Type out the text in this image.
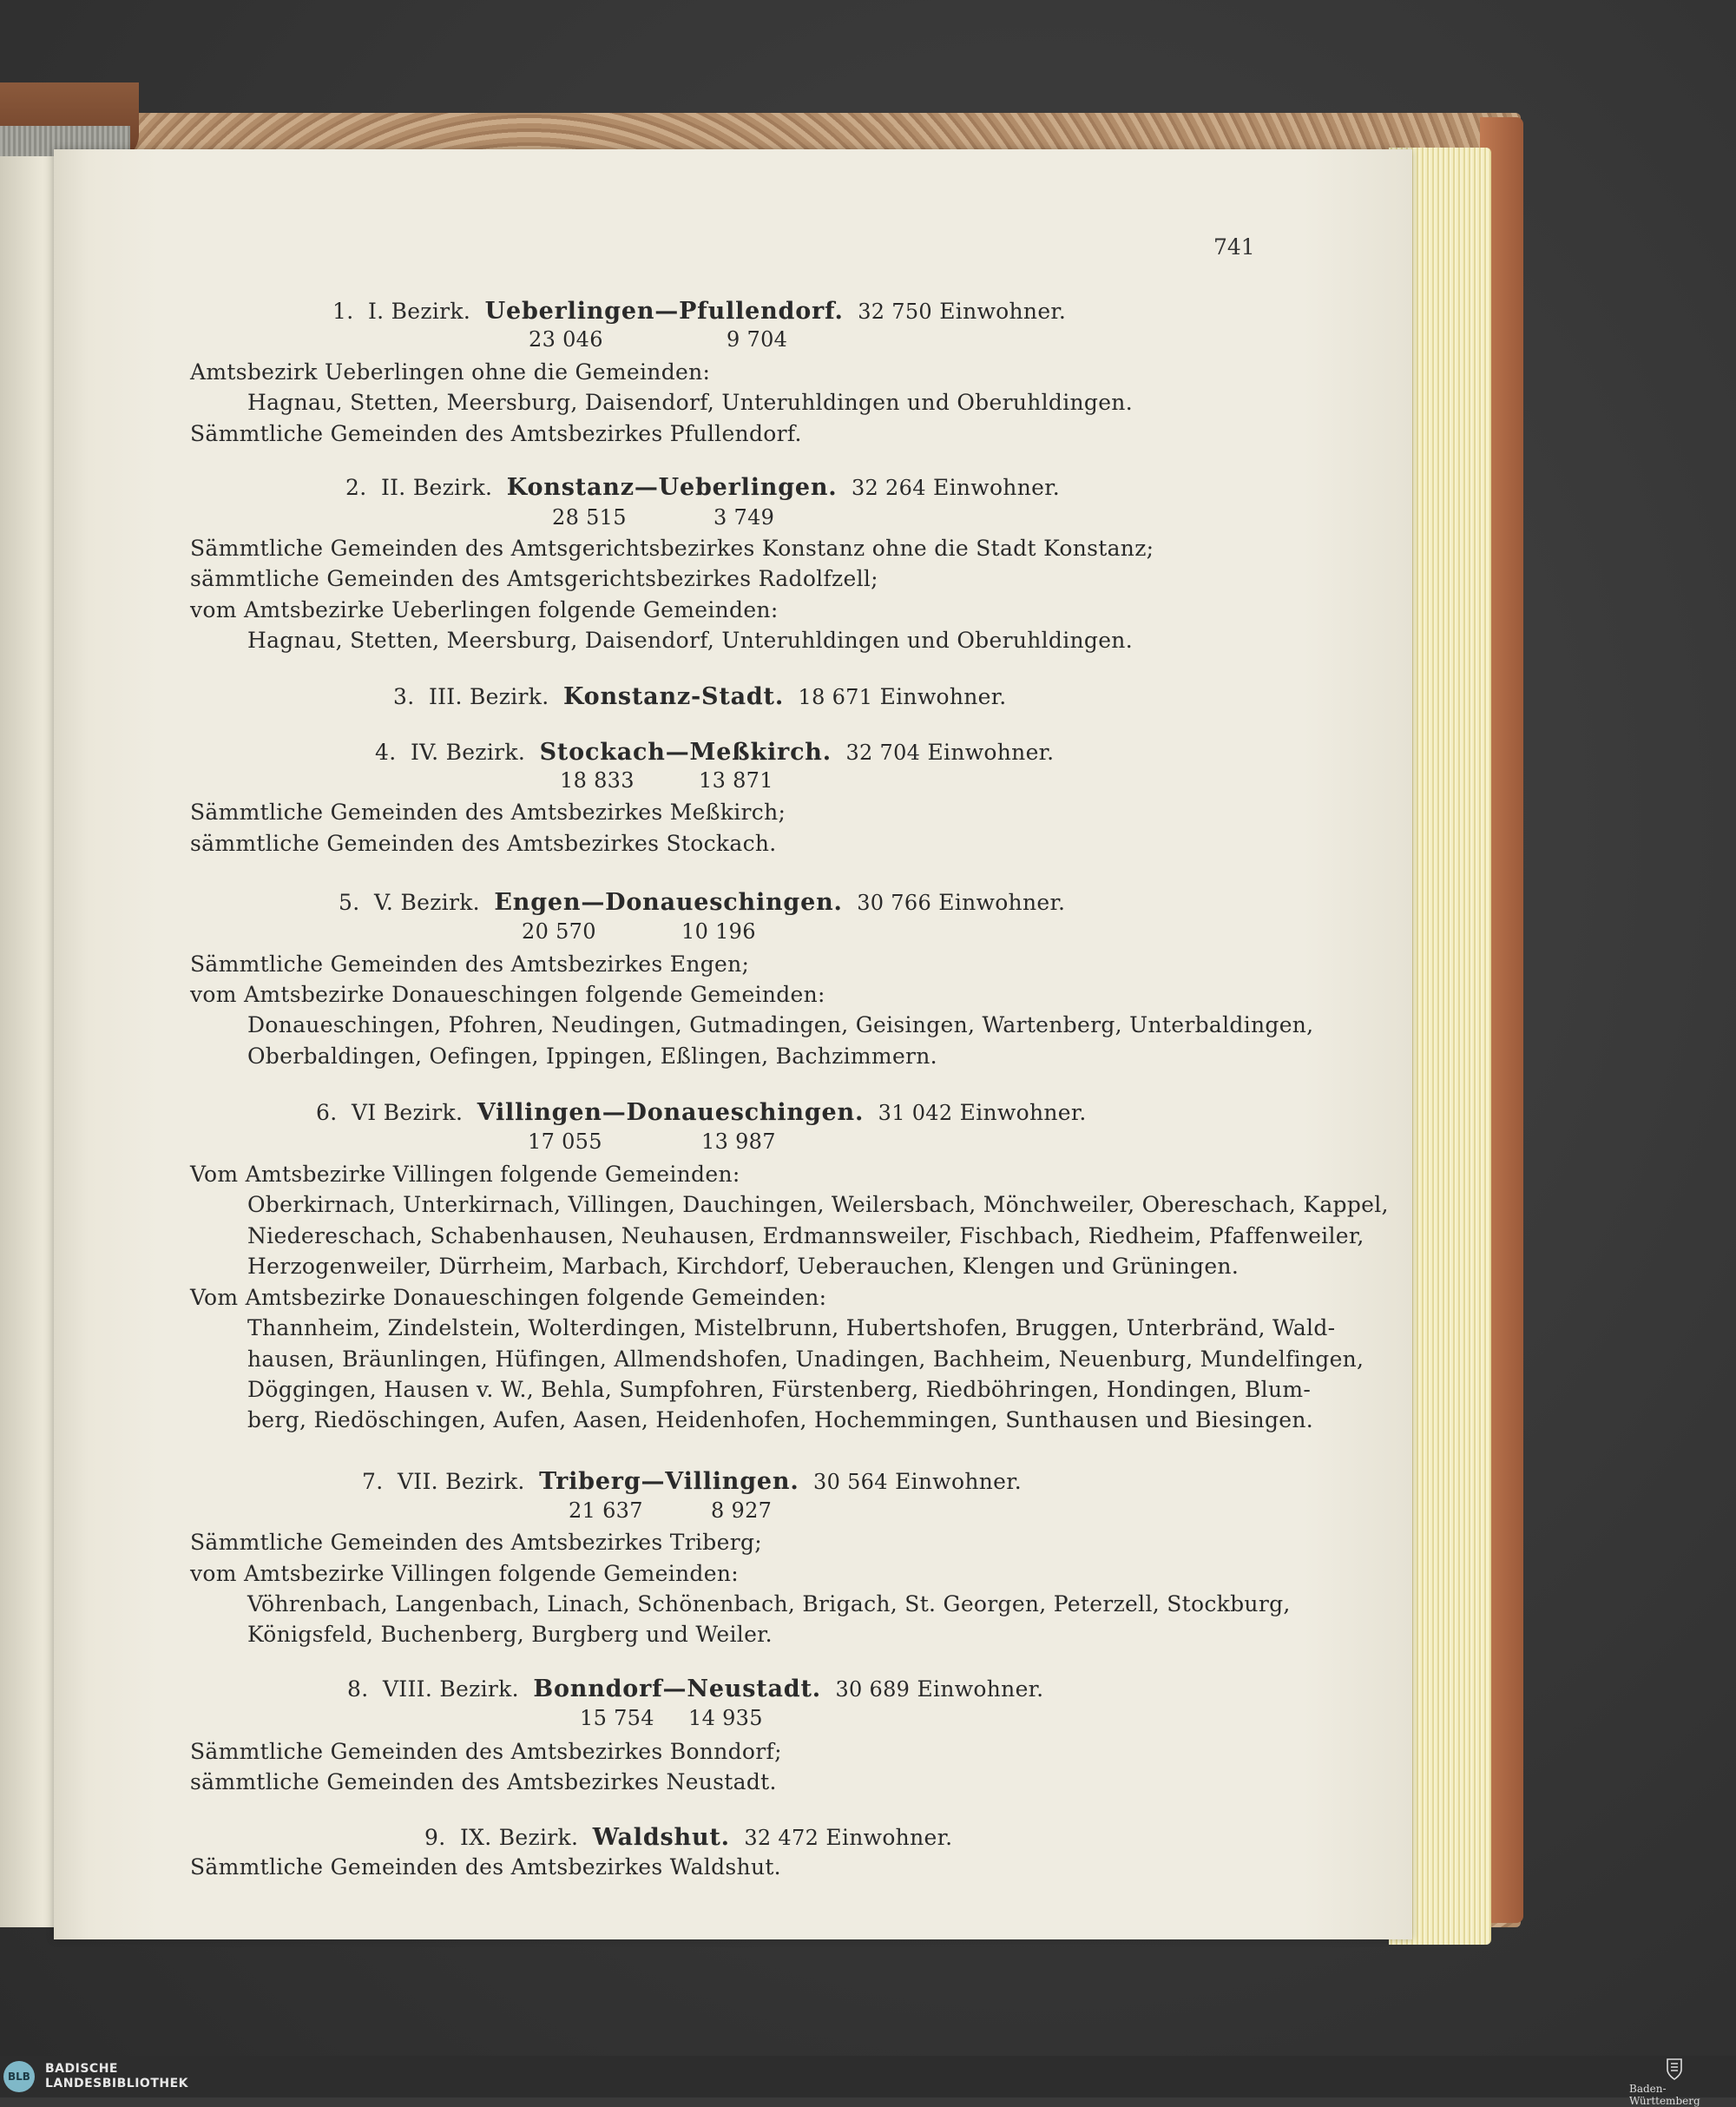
741
1. I. Bezirk. Ueberlingen—Pfullendorf. 32 750 Einwohner.
23 046	9 704
Amtsbezirk Ueberlingen ohne die Gemeinden:
Hagnau, Stetten, Meersburg, Daisendorf, Unteruhldingen und Oberuhldingen.
Sämmtliche Gemeinden des Amtsbezirkes Pfullendorf.
2. II. Bezirk. Konstanz—Ueberlingen. 32 264 Einwohner.
28 515	3 749
Sämmtliche Gemeinden des Amtsgerichtsbezirkes Konstanz ohne die Stadt Konstanz;
sämmtliche Gemeinden des Amtsgerichtsbezirkes Radolfzell;
vom Amtsbezirke Ueberlingen folgende Gemeinden:
Hagnau, Stetten, Meersburg, Daisendorf, Unteruhldingen und Oberuhldingen.
3. III. Bezirk. Konstanz-Stadt. 18 671 Einwohner.
4. IV. Bezirk. Stockach—Meßkirch. 32 704 Einwohner.
18 833	13 871
Sämmtliche Gemeinden des Amtsbezirkes Meßkirch;
sämmtliche Gemeinden des Amtsbezirkes Stockach.
5. V. Bezirk. Engen—Donaueschingen. 30 766 Einwohner.
20 570	10 196
Sämmtliche Gemeinden des Amtsbezirkes Engen;
vom Amtsbezirke Donaueschingen folgende Gemeinden:
Donaueschingen, Pfohren, Neudingen, Gutmadingen, Geisingen, Wartenberg, Unterbaldingen,
Oberbaldingen, Oefingen, Ippingen, Eßlingen, Bachzimmern.
6. VI Bezirk. Villingen—Donaueschingen. 31 042 Einwohner.
17 055	13 987
Vom Amtsbezirke Villingen folgende Gemeinden:
Oberkirnach, Unterkirnach, Villingen, Dauchingen, Weilersbach, Mönchweiler, Obereschach, Kappel,
Niedereschach, Schabenhausen, Neuhausen, Erdmannsweiler, Fischbach, Riedheim, Pfaffenweiler,
Herzogenweiler, Dürrheim, Marbach, Kirchdorf, Ueberauchen, Klengen und Grüningen.
Vom Amtsbezirke Donaueschingen folgende Gemeinden:
Thannheim, Zindelstein, Wolterdingen, Mistelbrunn, Hubertshofen, Bruggen, Unterbränd, Wald-
hausen, Bräunlingen, Hüfingen, Allmendshofen, Unadingen, Bachheim, Neuenburg, Mundelfingen,
Döggingen, Hausen v. W., Behla, Sumpfohren, Fürstenberg, Riedböhringen, Hondingen, Blum-
berg, Riedöschingen, Aufen, Aasen, Heidenhofen, Hochemmingen, Sunthausen und Biesingen.
7. VII. Bezirk. Triberg—Villingen. 30 564 Einwohner.
21 637	8 927
Sämmtliche Gemeinden des Amtsbezirkes Triberg;
vom Amtsbezirke Villingen folgende Gemeinden:
Vöhrenbach, Langenbach, Linach, Schönenbach, Brigach, St. Georgen, Peterzell, Stockburg,
Königsfeld, Buchenberg, Burgberg und Weiler.
8. VIII. Bezirk. Bonndorf—Neustadt. 30 689 Einwohner.
15 754 14 935
Sämmtliche Gemeinden des Amtsbezirkes Bonndorf;
sämmtliche Gemeinden des Amtsbezirkes Neustadt.
9. IX. Bezirk. Waldshut. 32 472 Einwohner.
Sämmtliche Gemeinden des Amtsbezirkes Waldshut.
BLB
BADISCHE
LANDESBIBLIOTHEK	Baden-Württemberg
